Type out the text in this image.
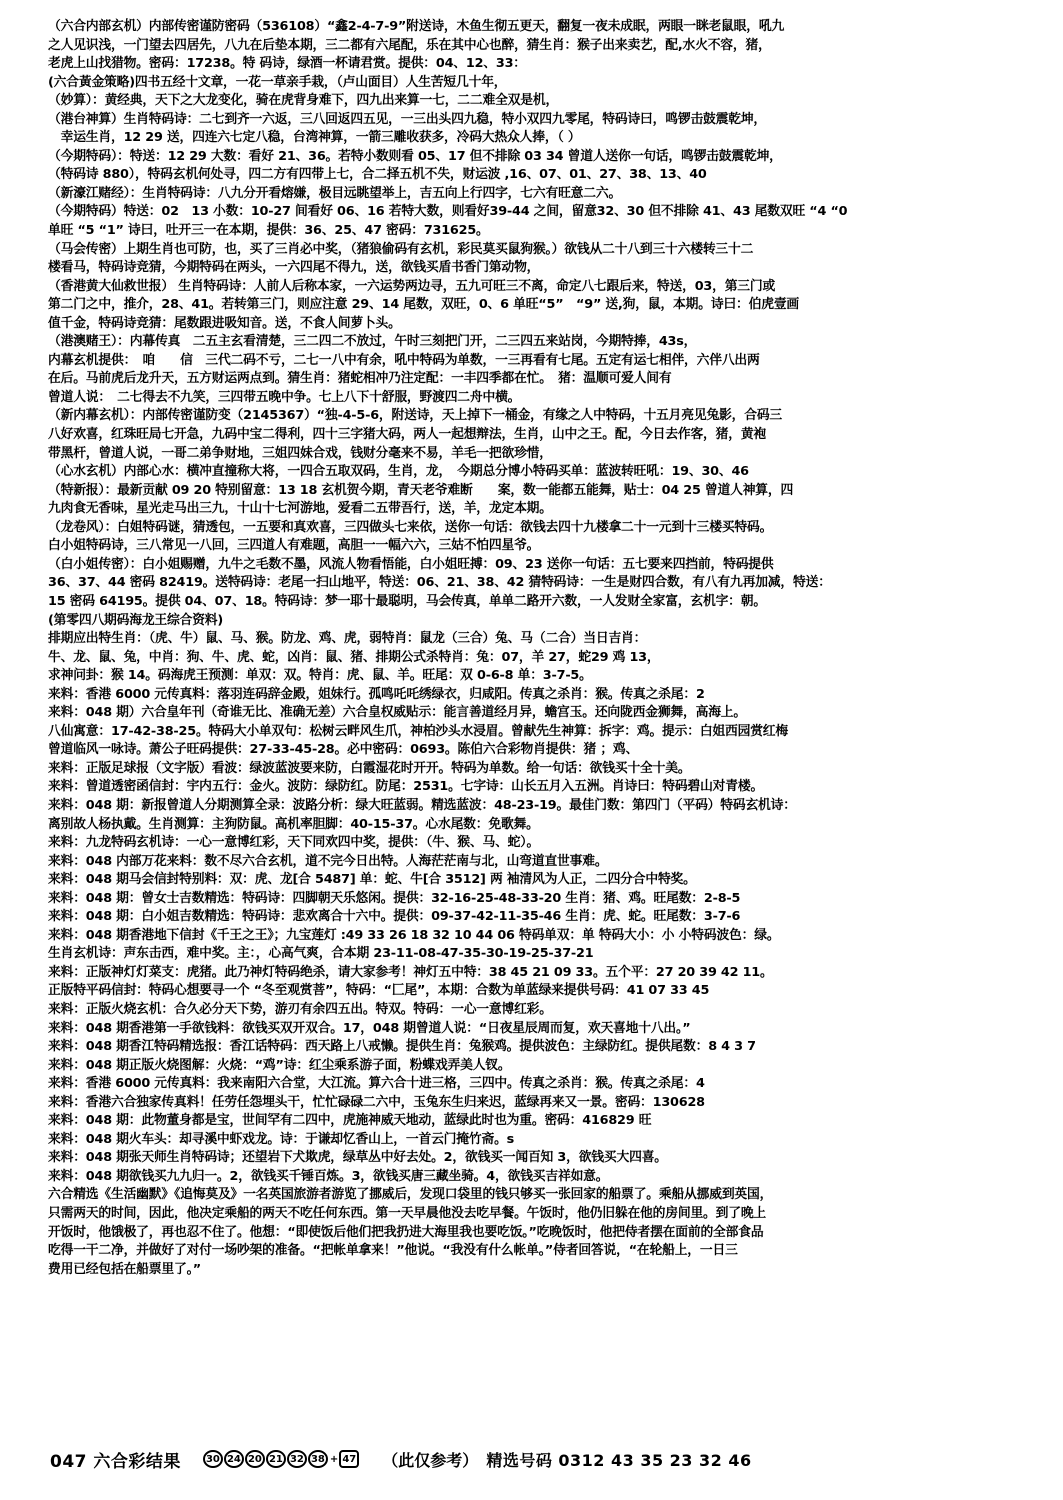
（六合内部玄机）内部传密谨防密码（536108）“鑫2-4-7-9”附送诗，木鱼生彻五更天，翻复一夜未成眠，两眼一眯老鼠眼，吼九
之人见识浅，一门望去四居先，八九在后垫本期，三二都有六尾配，乐在其中心也醉，猜生肖：猴子出来卖艺，配,水火不容，猪，
老虎上山找猎物。密码：17238。特 码诗，绿酒一杯请君赏。提供：04、12、33：
(六合黃金策略)四书五经十文章，一花一草亲手栽，（卢山面目）人生苦短几十年，
（妙算）：黄经典，天下之大龙变化，骑在虎背身难下，四九出来算一七，二二难全双是机，
（港台神算）生肖特码诗：二七到齐一六返，三八回返四五见，一三出头四九稳，特小双四九零尾，特码诗曰，鸣锣击鼓震乾坤，
　幸运生肖，12 29 送，四连六七定八稳，台湾神算，一箭三雕收获多，冷码大热众人捧，（ ）
（今期特码）：特送：12 29 大数：看好 21、36。若特小数则看 05、17 但不排除 03 34 曾道人送你一句话，鸣锣击鼓震乾坤，
（特码诗 880），特码玄机何处寻，四二方有四带上七，合二择五机不失，财运波 ,16、07、01、27、38、13、40
（新濠江赌经）：生肖特码诗：八九分开看熔嫌，极目远眺望举上，吉五向上行四字，七六有旺意二六。
（今期特码）特送：02　13 小数：10-27 间看好 06、16 若特大数，则看好39-44 之间，留意32、30 但不排除 41、43 尾数双旺 “4 “0
单旺 “5 “1” 诗曰，吐开三一在本期，提供：36、25、47 密码：731625。
（马会传密）上期生肖也可防，也，买了三肖必中奖，（猪狼偷码有玄机，彩民莫买鼠狗猴。）欲钱从二十八到三十六楼转三十二
楼看马，特码诗竞猜，今期特码在两头，一六四尾不得九，送，欲钱买盾书香门第动物，
（香港黄大仙救世报） 生肖特码诗：人前人后称本家，一六运势两边寻，五九可旺三不离，命定八七跟后来，特送，03，第三门或
第二门之中，推介，28、41。若转第三门，则应注意 29、14 尾数，双旺，0、6 单旺“5”　“9” 送,狗，鼠，本期。诗曰：伯虎壹画
值千金，特码诗竞猜：尾数跟进吸知音。送，不食人间萝卜头。
（港澳赌王）：内幕传真　二五主玄看清楚，三二四二不放过，午时三刻把门开，二三四五来站岗，今期特捧，43s，
内幕玄机提供：　咱　　信　三代二码不亏，二七一八中有余，吼中特码为单数，一三再看有七尾。五定有运七相伴，六伴八出两
在后。马前虎后龙升天，五方财运两点到。猜生肖：猪蛇相冲乃注定配：一丰四季都在忙。　猪：温顺可爱人间有
曾道人说：　二七得去不九笑，三四带五晚中争。七上八下十舒服，野渡四二舟中横。
（新内幕玄机）：内部传密谨防变（2145367）“独-4-5-6，附送诗，天上掉下一桶金，有缘之人中特码，十五月亮见兔影，合码三
八好欢喜，红珠旺局七开急，九码中宝二得利，四十三字猪大码，两人一起想辩法，生肖，山中之王。配，今日去作客，猪，黄袍
带黑杆，曾道人说，一哥二弟争财地，三姐四妹合戏，钱财分毫来不易，羊毛一把欲珍惜，
（心水玄机）内部心水：横冲直撞称大将，一四合五取双码，生肖，龙，　今期总分博小特码买单：蓝波转旺吼：19、30、46
（特新报）：最新贡献 09 20 特别留意：13 18 玄机贺今期，青天老爷难断　　案，数一能都五能舞，贴士：04 25 曾道人神算，四
九肉食无香味，星光走马出三九，十山十七河游地，爱看二五带吾行，送，羊，龙定本期。
（龙卷风）：白姐特码谜，猜透包，一五要和真欢喜，三四做头七来依，送你一句话：欲钱去四十九楼拿二十一元到十三楼买特码。
白小姐特码诗，三八常见一八回，三四道人有难题，高胆一一幅六六，三姑不怕四星爷。
（白小姐传密）：白小姐赐赠，九牛之毛数不墨，风流人物看悟能，白小姐旺搏：09、23 送你一句话：五七要来四挡前，特码提供
36、37、44 密码 82419。送特码诗：老尾一扫山地平，特送：06、21、38、42 猜特码诗：一生是财四合数，有八有九再加减，特送：
15 密码 64195。提供 04、07、18。特码诗：梦一耶十最聪明，马会传真，单单二路开六数，一人发财全家富，玄机字：朝。
(第零四八期码海龙王综合资料)
排期应出特生肖：（虎、牛）鼠、马、猴。防龙、鸡、虎，弱特肖：鼠龙（三合）兔、马（二合）当日吉肖：
牛、龙、鼠、兔，中肖：狗、牛、虎、蛇，凶肖：鼠、猪、排期公式杀特肖：兔：07，羊 27，蛇29 鸡 13，
求神问卦：猴 14。码海虎王预测：单双：双。特肖：虎、鼠、羊。旺尾：双 0-6-8 单：3-7-5。
来料：香港 6000 元传真料：落羽连码辞金殿，姐妹行。孤鸣吒吒绣绿衣，归咸阳。传真之杀肖：猴。传真之杀尾：2
来料：048 期）六合皇年刊（奇谁无比、准确无差）六合皇权威贴示：能言善道经月异，蟾宫玉。还向陇西金狮舞，高海上。
八仙寓意：17-42-38-25。特码大小单双句：松树云畔风生爪，神柏沙头水浸眉。曾献先生神算：拆字：鸡。提示：白姐西园赏红梅
曾道临风一咏诗。萧公子旺码提供：27-33-45-28。必中密码：0693。陈伯六合彩物肖提供：猪 ；鸡、
来料：正版足球报（文字版）看波：绿波蓝波要来防，白霞湿花时开开。特码为单数。给一句话：欲钱买十全十美。
来料：曾道透密函信封：宇内五行：金火。波防：绿防红。防尾：2531。七字诗：山长五月入五洲。肖诗曰：特码碧山对青楼。
来料：048 期：新报曾道人分期测算全录：波路分析：绿大旺蓝弱。精选蓝波：48-23-19。最佳门数：第四门（平码）特码玄机诗：
离别故人杨执戴。生肖测算：主狗防鼠。高机率胆脚：40-15-37。心水尾数：免歌舞。
来料：九龙特码玄机诗：一心一意博红彩，天下同欢四中奖，提供：（牛、猴、马、蛇）。
来料：048 内部万花来料：数不尽六合玄机，道不完今日出特。人海茫茫南与北，山弯道直世事难。
来料：048 期马会信封特别料：双：虎、龙[合 5487] 单：蛇、牛[合 3512] 两 袖清风为人正，二四分合中特奖。
来料：048 期：曾女士吉数精选：特码诗：四脚朝天乐悠闲。提供：32-16-25-48-33-20 生肖：猪、鸡。旺尾数：2-8-5
来料：048 期：白小姐吉数精选：特码诗：悲欢离合十六中。提供：09-37-42-11-35-46 生肖：虎、蛇。旺尾数：3-7-6
来料：048 期香港地下信封《千王之王》；九宝莲灯 :49 33 26 18 32 10 44 06 特码单双：单 特码大小：小 小特码波色：绿。
生肖玄机诗：声东击西，难中奖。主：，心高气爽，合本期 23-11-08-47-35-30-19-25-37-21
来料：正版神灯灯菜支：虎猪。此乃神灯特码绝杀，请大家参考！神灯五中特：38 45 21 09 33。五个平：27 20 39 42 11。
正版特平码信封：特码心想要寻一个 “冬至观赏菩”，特码：“匚尾”，本期：合数为单蓝绿来提供号码：41 07 33 45
来料：正版火烧玄机：合久必分天下势，游刃有余四五出。特双。特码：一心一意博红彩。
来料：048 期香港第一手欲钱料：欲钱买双开双合。17，048 期曾道人说：“日夜星辰周而复，欢天喜地十八出。”
来料：048 期香江特码精选报：香江话特码：西天路上八戒懒。提供生肖：兔猴鸡。提供波色：主绿防红。提供尾数：8 4 3 7
来料：048 期正版火烧图解：火烧：“鸡”诗：红尘乘系游子面，粉蝶戏弄美人钗。
来料：香港 6000 元传真料：我来南阳六合堂，大江流。算六合十进三格，三四中。传真之杀肖：猴。传真之杀尾：4
来料：香港六合独家传真料！任劳任怨埋头干，忙忙碌碌二六中，玉兔东生归来迟，蓝绿再来又一景。密码：130628
来料：048 期：此物董身都是宝，世间罕有二四中，虎施神威天地动，蓝绿此时也为重。密码：416829 旺
来料：048 期火车头：却寻溪中虾戏龙。诗：于谦却忆香山上，一首云门掩竹斋。s
来料：048 期张天师生肖特码诗；还望岩下犬欺虎，绿草丛中好去处。2，欲钱买一闻百知 3，欲钱买大四喜。
来料：048 期欲钱买九九归一。2，欲钱买千锤百炼。3，欲钱买唐三藏坐骑。4，欲钱买吉祥如意。
六合精选《生活幽默》《追悔莫及》一名英国旅游者游览了挪威后，发现口袋里的钱只够买一张回家的船票了。乘船从挪威到英国，
只需两天的时间，因此，他决定乘船的两天不吃任何东西。第一天早晨他没去吃早餐。午饭时，他仍旧躲在他的房间里。到了晚上
开饭时，他饿极了，再也忍不住了。他想：“即使饭后他们把我扔进大海里我也要吃饭。”吃晚饭时，他把侍者摆在面前的全部食品
吃得一干二净，并做好了对付一场吵架的准备。“把帐单拿来！”他说。“我没有什么帐单。”侍者回答说，“在轮船上，一日三
费用已经包括在船票里了。”
047 六合彩结果	30 24 20 21 32 38 + 47 （此仅参考） 精选号码 0312 43 35 23 32 46
